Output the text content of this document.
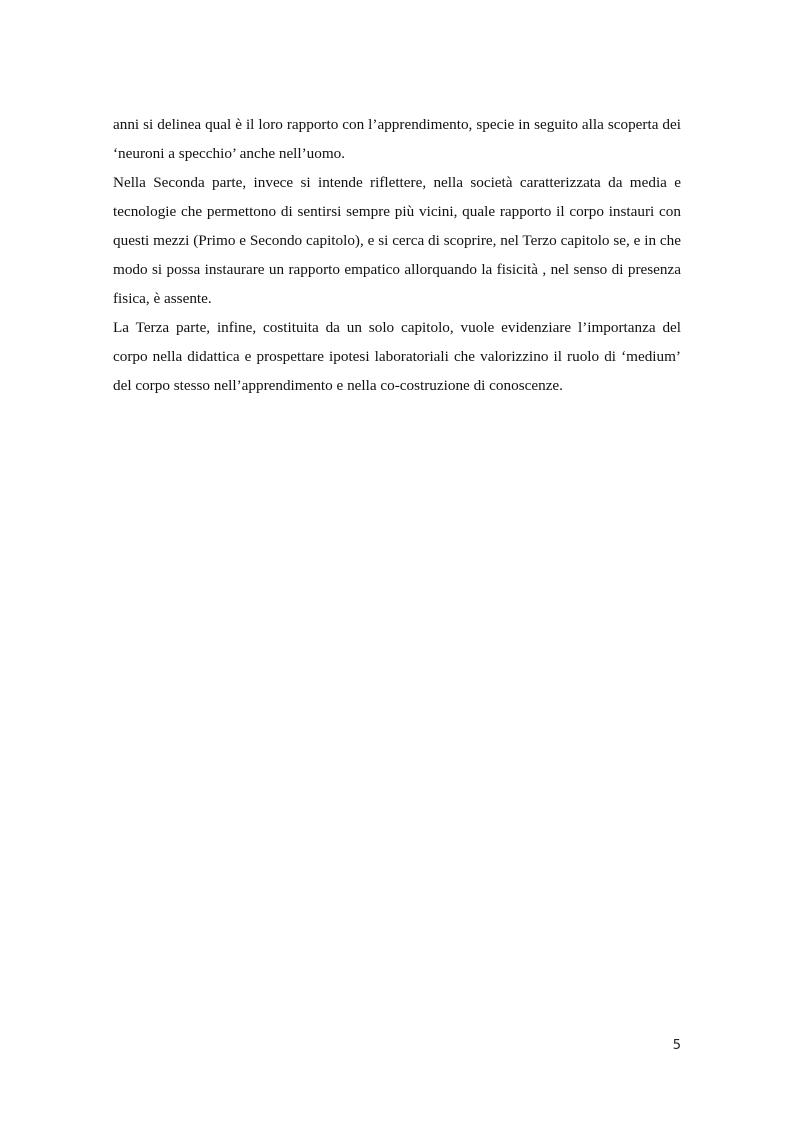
anni si delinea qual è il loro rapporto con l’apprendimento, specie in seguito alla scoperta dei ‘neuroni a specchio’ anche nell’uomo.

Nella Seconda parte, invece si intende riflettere, nella società caratterizzata da media e tecnologie che permettono di sentirsi sempre più vicini, quale rapporto il corpo instauri con questi mezzi (Primo e Secondo capitolo), e si cerca di scoprire, nel Terzo capitolo se, e in che modo si possa instaurare un rapporto empatico allorquando la fisicità , nel senso di presenza fisica, è assente.

La Terza parte, infine, costituita da un solo capitolo, vuole evidenziare l’importanza del corpo nella didattica e prospettare ipotesi laboratoriali che valorizzino il ruolo di ‘medium’ del corpo stesso nell’apprendimento e nella co-costruzione di conoscenze.

5
